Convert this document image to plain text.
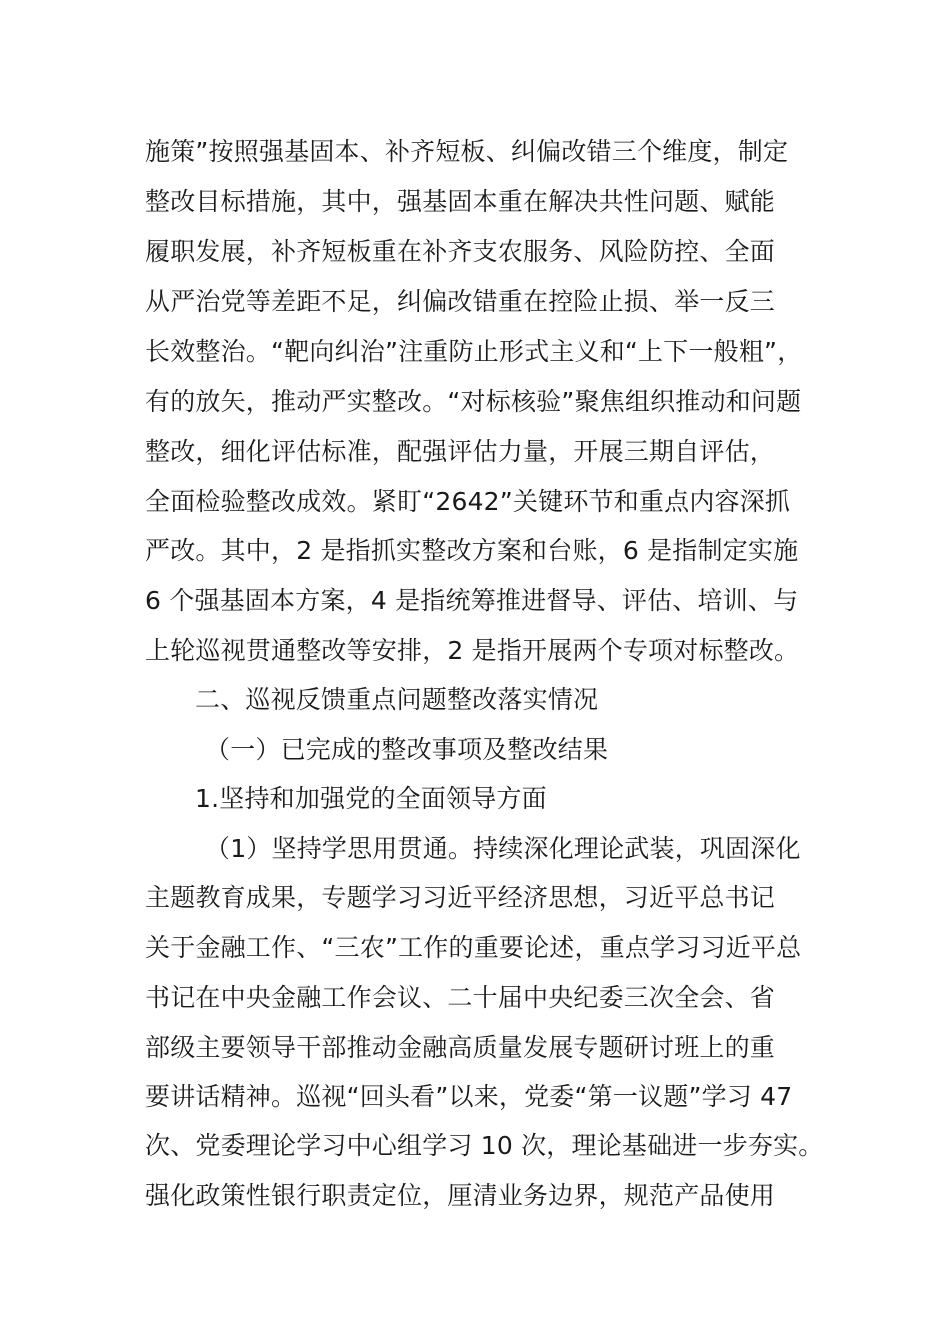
施策”按照强基固本、补齐短板、纠偏改错三个维度，制定
整改目标措施，其中，强基固本重在解决共性问题、赋能
履职发展，补齐短板重在补齐支农服务、风险防控、全面
从严治党等差距不足，纠偏改错重在控险止损、举一反三
长效整治。“靶向纠治”注重防止形式主义和“上下一般粗”，
有的放矢，推动严实整改。“对标核验”聚焦组织推动和问题
整改，细化评估标准，配强评估力量，开展三期自评估，
全面检验整改成效。紧盯“2642”关键环节和重点内容深抓
严改。其中，2 是指抓实整改方案和台账，6 是指制定实施
6 个强基固本方案，4 是指统筹推进督导、评估、培训、与
上轮巡视贯通整改等安排，2 是指开展两个专项对标整改。
二、巡视反馈重点问题整改落实情况
（一）已完成的整改事项及整改结果
1.坚持和加强党的全面领导方面
（1）坚持学思用贯通。持续深化理论武装，巩固深化
主题教育成果，专题学习习近平经济思想，习近平总书记
关于金融工作、“三农”工作的重要论述，重点学习习近平总
书记在中央金融工作会议、二十届中央纪委三次全会、省
部级主要领导干部推动金融高质量发展专题研讨班上的重
要讲话精神。巡视“回头看”以来，党委“第一议题”学习 47
次、党委理论学习中心组学习 10 次，理论基础进一步夯实。
强化政策性银行职责定位，厘清业务边界，规范产品使用
